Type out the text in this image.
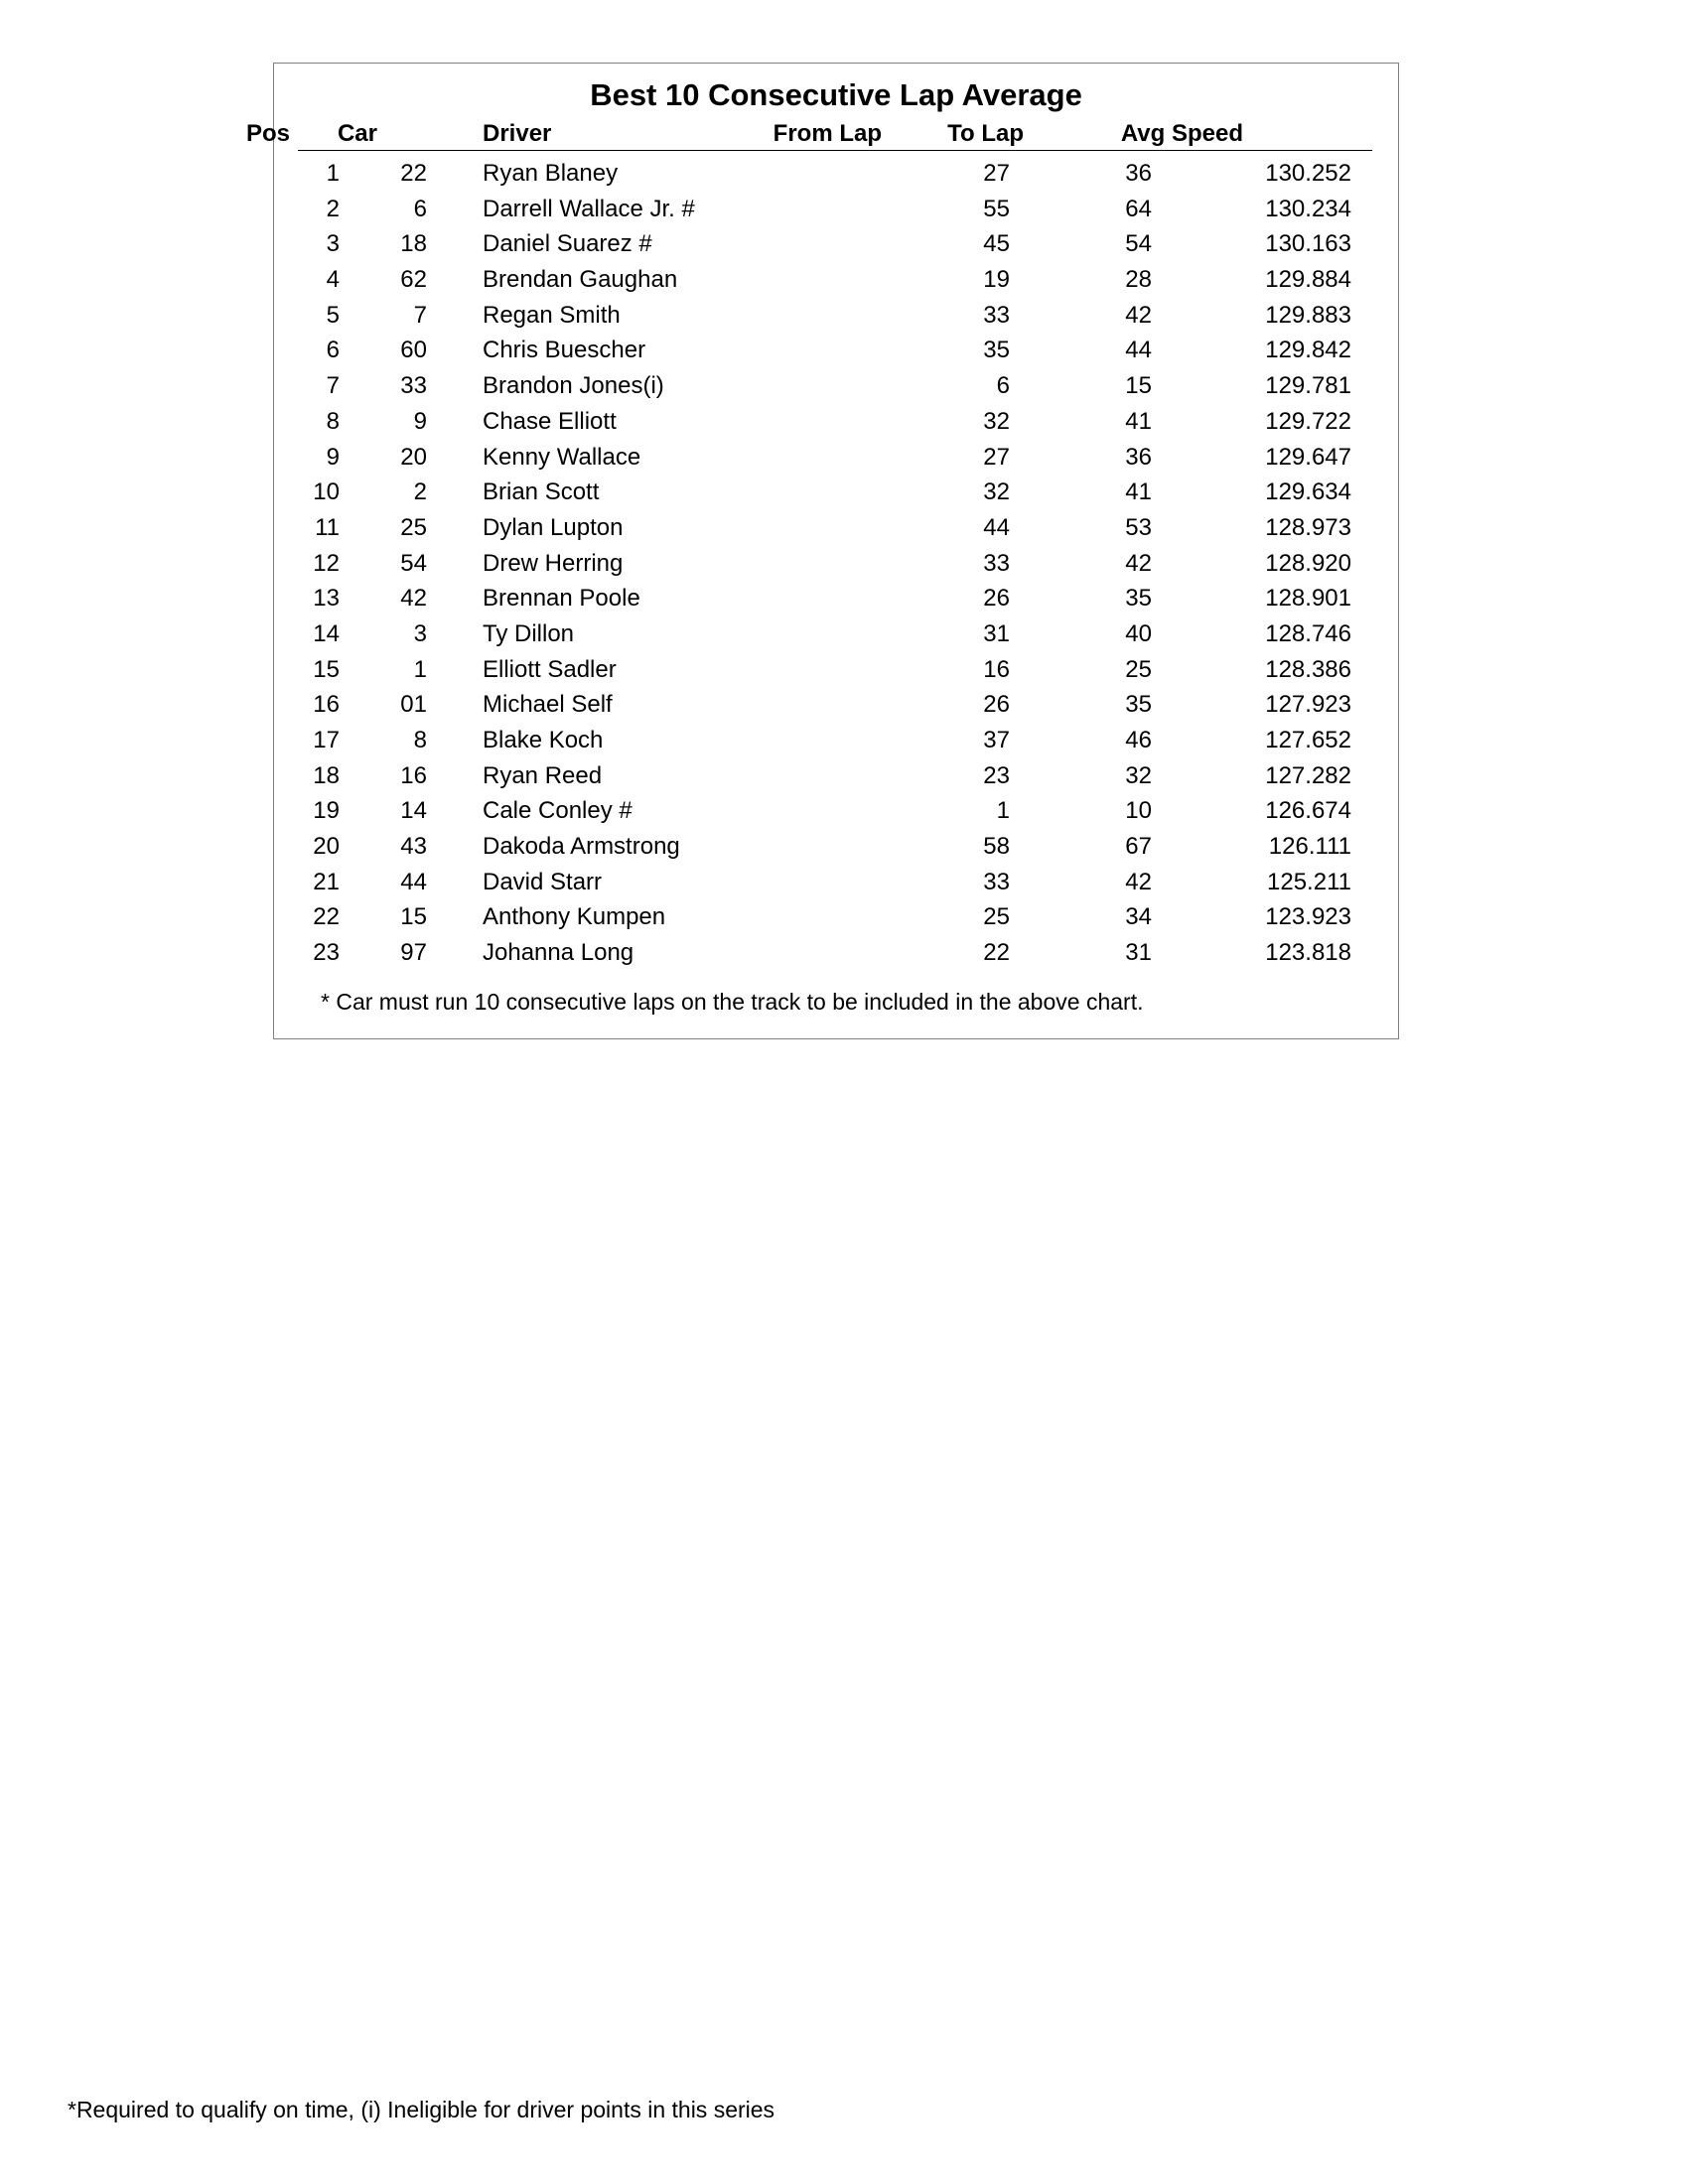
Best 10 Consecutive Lap Average
Pos Car	Driver	From Lap	To Lap	Avg Speed
1	22 Ryan Blaney	27	36	130.252
2	6 Darrell Wallace Jr. #	55	64	130.234
3	18 Daniel Suarez #	45	54	130.163
4	62 Brendan Gaughan	19	28	129.884
5	7 Regan Smith	33	42	129.883
6	60 Chris Buescher	35	44	129.842
7	33 Brandon Jones(i)	6	15	129.781
8	9 Chase Elliott	32	41	129.722
9	20 Kenny Wallace	27	36	129.647
10	2 Brian Scott	32	41	129.634
11	25 Dylan Lupton	44	53	128.973
12	54 Drew Herring	33	42	128.920
13	42 Brennan Poole	26	35	128.901
14	3 Ty Dillon	31	40	128.746
15	1 Elliott Sadler	16	25	128.386
16	01 Michael Self	26	35	127.923
17	8 Blake Koch	37	46	127.652
18	16 Ryan Reed	23	32	127.282
19	14 Cale Conley #	1	10	126.674
20	43 Dakoda Armstrong	58	67	126.111
21	44 David Starr	33	42	125.211
22	15 Anthony Kumpen	25	34	123.923
23	97 Johanna Long	22	31	123.818
* Car must run 10 consecutive laps on the track to be included in the above chart.
*Required to qualify on time, (i) Ineligible for driver points in this series
